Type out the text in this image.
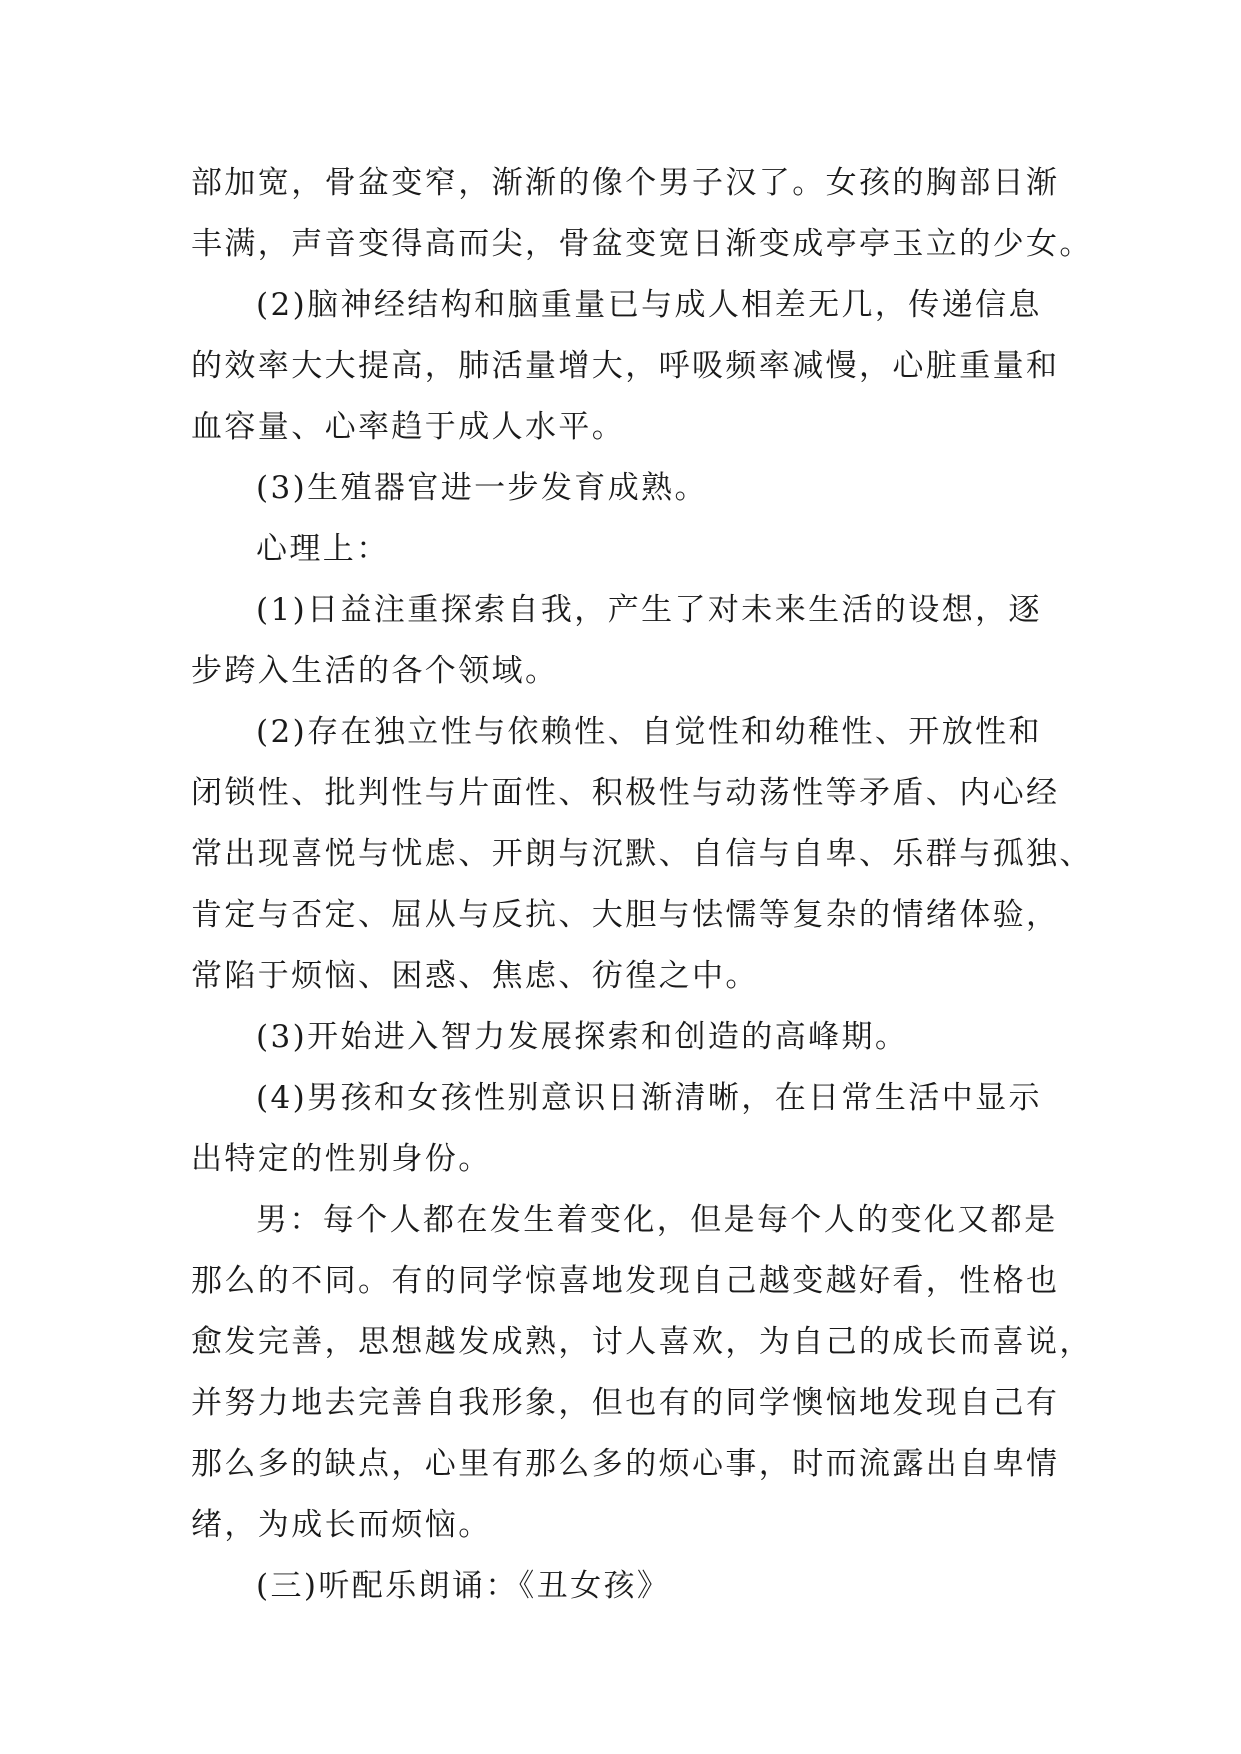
部加宽，骨盆变窄，渐渐的像个男子汉了。女孩的胸部日渐
丰满，声音变得高而尖，骨盆变宽日渐变成亭亭玉立的少女。
(2)脑神经结构和脑重量已与成人相差无几，传递信息
的效率大大提高，肺活量增大，呼吸频率减慢，心脏重量和
血容量、心率趋于成人水平。
(3)生殖器官进一步发育成熟。
心理上：
(1)日益注重探索自我，产生了对未来生活的设想，逐
步跨入生活的各个领域。
(2)存在独立性与依赖性、自觉性和幼稚性、开放性和
闭锁性、批判性与片面性、积极性与动荡性等矛盾、内心经
常出现喜悦与忧虑、开朗与沉默、自信与自卑、乐群与孤独、
肯定与否定、屈从与反抗、大胆与怯懦等复杂的情绪体验，
常陷于烦恼、困惑、焦虑、彷徨之中。
(3)开始进入智力发展探索和创造的高峰期。
(4)男孩和女孩性别意识日渐清晰，在日常生活中显示
出特定的性别身份。
男：每个人都在发生着变化，但是每个人的变化又都是
那么的不同。有的同学惊喜地发现自己越变越好看，性格也
愈发完善，思想越发成熟，讨人喜欢，为自己的成长而喜说，
并努力地去完善自我形象，但也有的同学懊恼地发现自己有
那么多的缺点，心里有那么多的烦心事，时而流露出自卑情
绪，为成长而烦恼。
(三)听配乐朗诵：《丑女孩》
